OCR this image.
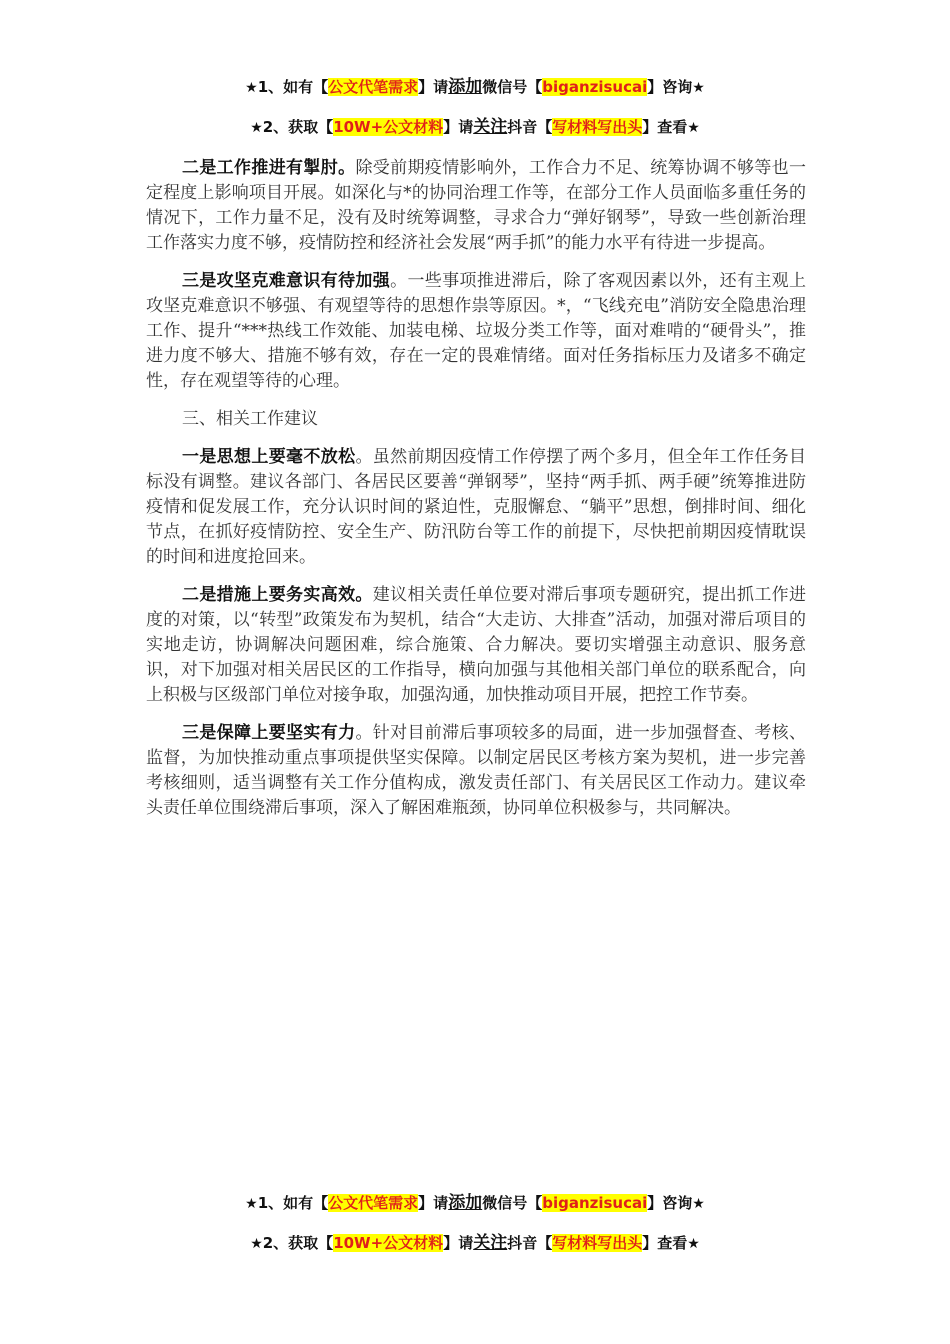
★1、如有【公文代笔需求】请添加微信号【biganzisucai】咨询★
★2、获取【10W+公文材料】请关注抖音【写材料写出头】查看★

二是工作推进有掣肘。除受前期疫情影响外，工作合力不足、统筹协调不够等也一定程度上影响项目开展。如深化与*的协同治理工作等，在部分工作人员面临多重任务的情况下，工作力量不足，没有及时统筹调整，寻求合力“弹好钢琴”，导致一些创新治理工作落实力度不够，疫情防控和经济社会发展“两手抓”的能力水平有待进一步提高。

三是攻坚克难意识有待加强。一些事项推进滞后，除了客观因素以外，还有主观上攻坚克难意识不够强、有观望等待的思想作祟等原因。*，“飞线充电”消防安全隐患治理工作、提升“***热线工作效能、加装电梯、垃圾分类工作等，面对难啃的“硬骨头”，推进力度不够大、措施不够有效，存在一定的畏难情绪。面对任务指标压力及诸多不确定性，存在观望等待的心理。

三、相关工作建议

一是思想上要毫不放松。虽然前期因疫情工作停摆了两个多月，但全年工作任务目标没有调整。建议各部门、各居民区要善“弹钢琴”，坚持“两手抓、两手硬”统筹推进防疫情和促发展工作，充分认识时间的紧迫性，克服懈怠、“躺平”思想，倒排时间、细化节点，在抓好疫情防控、安全生产、防汛防台等工作的前提下，尽快把前期因疫情耽误的时间和进度抢回来。

二是措施上要务实高效。建议相关责任单位要对滞后事项专题研究，提出抓工作进度的对策，以“转型”政策发布为契机，结合“大走访、大排查”活动，加强对滞后项目的实地走访，协调解决问题困难，综合施策、合力解决。要切实增强主动意识、服务意识，对下加强对相关居民区的工作指导，横向加强与其他相关部门单位的联系配合，向上积极与区级部门单位对接争取，加强沟通，加快推动项目开展，把控工作节奏。

三是保障上要坚实有力。针对目前滞后事项较多的局面，进一步加强督查、考核、监督，为加快推动重点事项提供坚实保障。以制定居民区考核方案为契机，进一步完善考核细则，适当调整有关工作分值构成，激发责任部门、有关居民区工作动力。建议牵头责任单位围绕滞后事项，深入了解困难瓶颈，协同单位积极参与，共同解决。

★1、如有【公文代笔需求】请添加微信号【biganzisucai】咨询★
★2、获取【10W+公文材料】请关注抖音【写材料写出头】查看★
